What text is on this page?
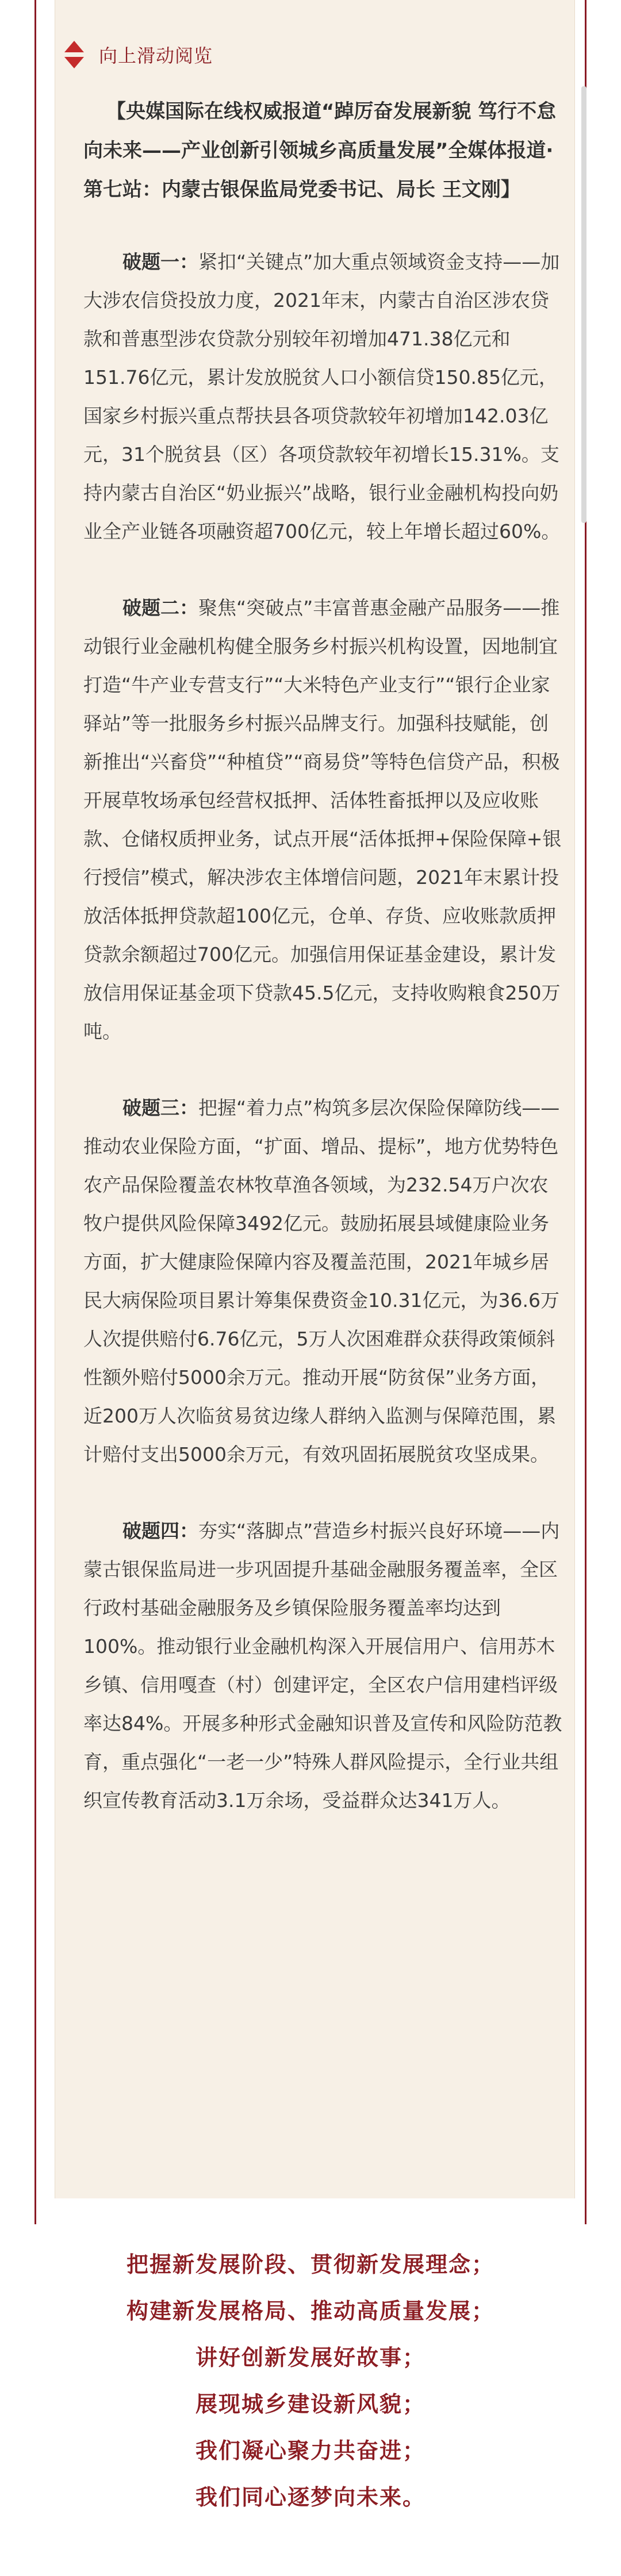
向上滑动阅览

【央媒国际在线权威报道“踔厉奋发展新貌 笃行不怠向未来——产业创新引领城乡高质量发展”全媒体报道·第七站：内蒙古银保监局党委书记、局长 王文刚】

破题一：紧扣“关键点”加大重点领域资金支持——加大涉农信贷投放力度，2021年末，内蒙古自治区涉农贷款和普惠型涉农贷款分别较年初增加471.38亿元和151.76亿元，累计发放脱贫人口小额信贷150.85亿元，国家乡村振兴重点帮扶县各项贷款较年初增加142.03亿元，31个脱贫县（区）各项贷款较年初增长15.31%。支持内蒙古自治区“奶业振兴”战略，银行业金融机构投向奶业全产业链各项融资超700亿元，较上年增长超过60%。

破题二：聚焦“突破点”丰富普惠金融产品服务——推动银行业金融机构健全服务乡村振兴机构设置，因地制宜打造“牛产业专营支行”“大米特色产业支行”“银行企业家驿站”等一批服务乡村振兴品牌支行。加强科技赋能，创新推出“兴畜贷”“种植贷”“商易贷”等特色信贷产品，积极开展草牧场承包经营权抵押、活体牲畜抵押以及应收账款、仓储权质押业务，试点开展“活体抵押+保险保障+银行授信”模式，解决涉农主体增信问题，2021年末累计投放活体抵押贷款超100亿元，仓单、存货、应收账款质押贷款余额超过700亿元。加强信用保证基金建设，累计发放信用保证基金项下贷款45.5亿元，支持收购粮食250万吨。

破题三：把握“着力点”构筑多层次保险保障防线——推动农业保险方面，“扩面、增品、提标”，地方优势特色农产品保险覆盖农林牧草渔各领域，为232.54万户次农牧户提供风险保障3492亿元。鼓励拓展县域健康险业务方面，扩大健康险保障内容及覆盖范围，2021年城乡居民大病保险项目累计筹集保费资金10.31亿元，为36.6万人次提供赔付6.76亿元，5万人次困难群众获得政策倾斜性额外赔付5000余万元。推动开展“防贫保”业务方面，近200万人次临贫易贫边缘人群纳入监测与保障范围，累计赔付支出5000余万元，有效巩固拓展脱贫攻坚成果。

破题四：夯实“落脚点”营造乡村振兴良好环境——内蒙古银保监局进一步巩固提升基础金融服务覆盖率，全区行政村基础金融服务及乡镇保险服务覆盖率均达到100%。推动银行业金融机构深入开展信用户、信用苏木乡镇、信用嘎查（村）创建评定，全区农户信用建档评级率达84%。开展多种形式金融知识普及宣传和风险防范教育，重点强化“一老一少”特殊人群风险提示，全行业共组织宣传教育活动3.1万余场，受益群众达341万人。

把握新发展阶段、贯彻新发展理念；

构建新发展格局、推动高质量发展；

讲好创新发展好故事；

展现城乡建设新风貌；

我们凝心聚力共奋进；

我们同心逐梦向未来。
